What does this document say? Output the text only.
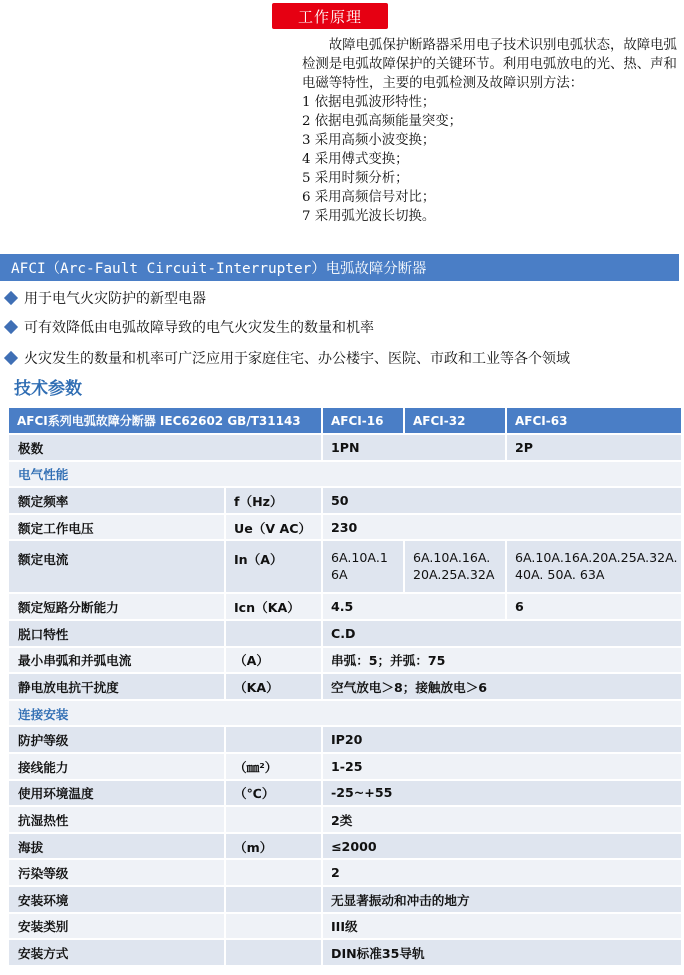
工作原理
故障电弧保护断路器采用电子技术识别电弧状态，故障电弧检测是电弧故障保护的关键环节。利用电弧放电的光、热、声和电磁等特性，主要的电弧检测及故障识别方法：
1 依据电弧波形特性；
2 依据电弧高频能量突变；
3 采用高频小波变换；
4 采用傅式变换；
5 采用时频分析；
6 采用高频信号对比；
7 采用弧光波长切换。
AFCI（Arc-Fault Circuit-Interrupter）电弧故障分断器
用于电气火灾防护的新型电器
可有效降低由电弧故障导致的电气火灾发生的数量和机率
火灾发生的数量和机率可广泛应用于家庭住宅、办公楼宇、医院、市政和工业等各个领域
技术参数
AFCI系列电弧故障分断器 IEC62602 GB/T31143		AFCI-16	AFCI-32	AFCI-63
极数		1PN		2P
电气性能				
额定频率	f（Hz）	50		
额定工作电压	Ue（V AC）	230		
额定电流	In（A）	6A.10A.1 6A	6A.10A.16A. 20A.25A.32A	6A.10A.16A.20A.25A.32A. 40A. 50A. 63A

额定短路分断能力	Icn（KA）	4.5		6
脱口特性		C.D		
最小串弧和并弧电流	（A）	串弧：5；并弧：75		
静电放电抗干扰度	（KA）	空气放电＞8；接触放电＞6		
连接安装				
防护等级		IP20		
接线能力	（㎜²）	1-25		
使用环境温度	（℃）	-25~+55		
抗湿热性		2类		
海拔	（m）	≤2000		
污染等级		2		
安装环境		无显著振动和冲击的地方		
安装类别		III级		
安装方式		DIN标准35导轨		
